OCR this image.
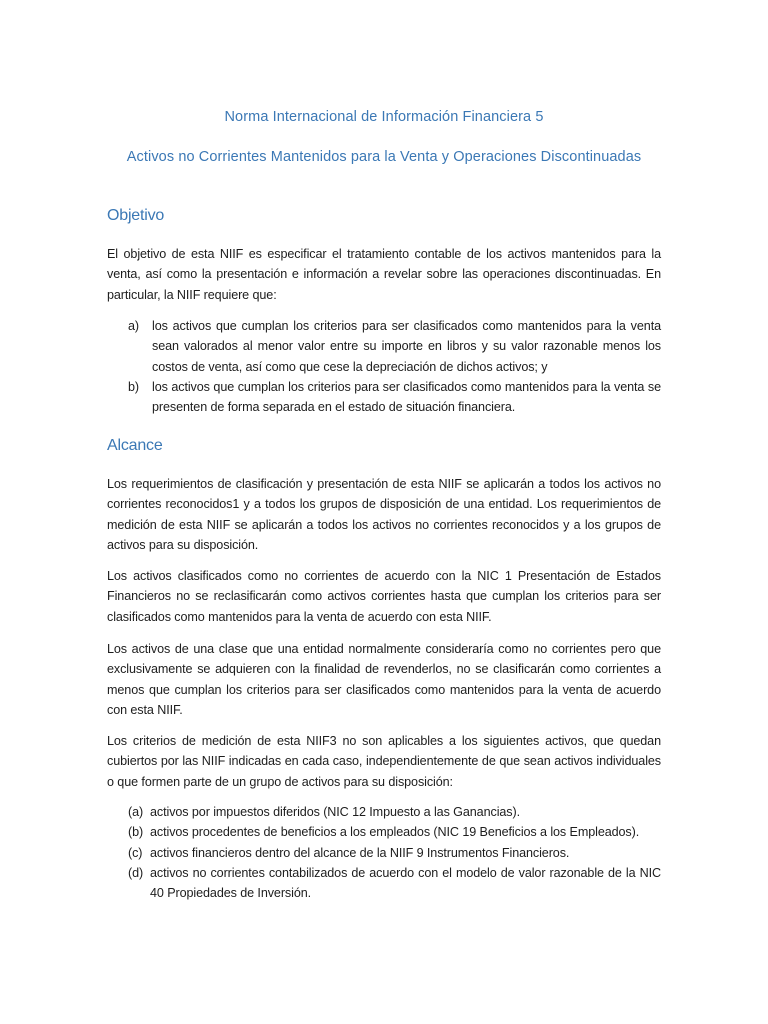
Norma Internacional de Información Financiera 5
Activos no Corrientes Mantenidos para la Venta y Operaciones Discontinuadas
Objetivo
El objetivo de esta NIIF es especificar el tratamiento contable de los activos mantenidos para la venta, así como la presentación e información a revelar sobre las operaciones discontinuadas. En particular, la NIIF requiere que:
a) los activos que cumplan los criterios para ser clasificados como mantenidos para la venta sean valorados al menor valor entre su importe en libros y su valor razonable menos los costos de venta, así como que cese la depreciación de dichos activos; y
b) los activos que cumplan los criterios para ser clasificados como mantenidos para la venta se presenten de forma separada en el estado de situación financiera.
Alcance
Los requerimientos de clasificación y presentación de esta NIIF se aplicarán a todos los activos no corrientes reconocidos1 y a todos los grupos de disposición de una entidad. Los requerimientos de medición de esta NIIF se aplicarán a todos los activos no corrientes reconocidos y a los grupos de activos para su disposición.
Los activos clasificados como no corrientes de acuerdo con la NIC 1 Presentación de Estados Financieros no se reclasificarán como activos corrientes hasta que cumplan los criterios para ser clasificados como mantenidos para la venta de acuerdo con esta NIIF.
Los activos de una clase que una entidad normalmente consideraría como no corrientes pero que exclusivamente se adquieren con la finalidad de revenderlos, no se clasificarán como corrientes a menos que cumplan los criterios para ser clasificados como mantenidos para la venta de acuerdo con esta NIIF.
Los criterios de medición de esta NIIF3 no son aplicables a los siguientes activos, que quedan cubiertos por las NIIF indicadas en cada caso, independientemente de que sean activos individuales o que formen parte de un grupo de activos para su disposición:
(a) activos por impuestos diferidos (NIC 12 Impuesto a las Ganancias).
(b) activos procedentes de beneficios a los empleados (NIC 19 Beneficios a los Empleados).
(c) activos financieros dentro del alcance de la NIIF 9 Instrumentos Financieros.
(d) activos no corrientes contabilizados de acuerdo con el modelo de valor razonable de la NIC 40 Propiedades de Inversión.
